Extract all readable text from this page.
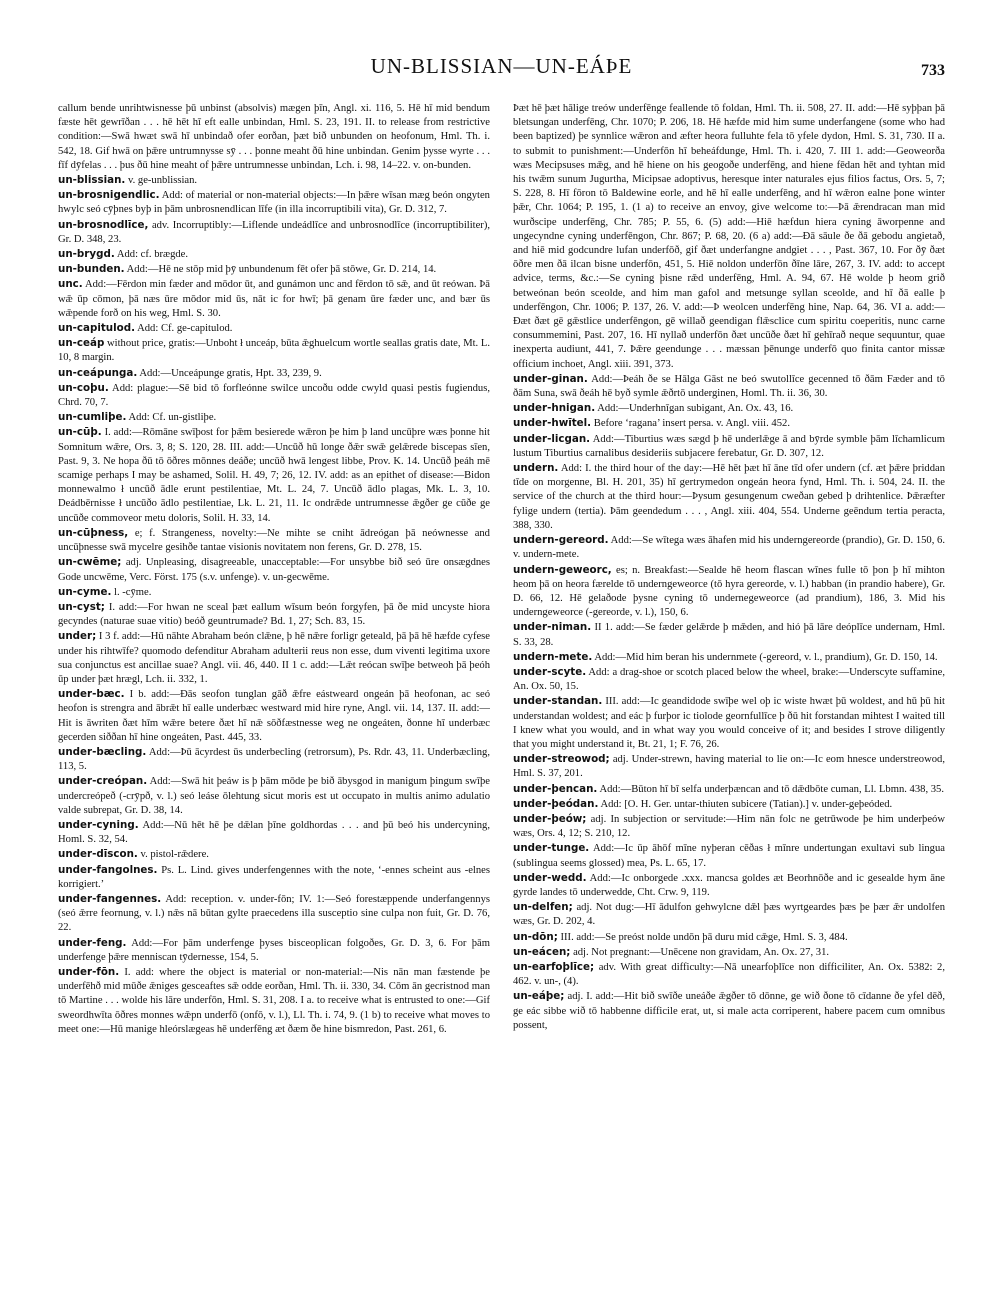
UN-BLISSIAN—UN-EÁÞE	733

callum bende unrihtwisnesse þū unbinst (absolvis) mægen þīn, Angl. xi. 116, 5. Hē hī mid bendum fæste hēt gewrīðan . . . hē hēt hī eft ealle unbindan, Hml. S. 23, 191. II. to release from restrictive condition:—Swā hwæt swā hī unbindað ofer eorðan, þæt bið unbunden on heofonum, Hml. Th. i. 542, 18. Gif hwā on þǣre untrumnysse sȳ . . . þonne meaht ðū hine unbindan. Genim þysse wyrte . . . fīf dȳfelas . . . þus ðū hine meaht of þǣre untrumnesse unbindan, Lch. i. 98, 14–22. v. on-bunden.

un-blissian. v. ge-unblissian.

un-brosnigendlic. Add: of material or non-material objects:—In þǣre wīsan mæg beón ongyten hwylc seó cȳþnes byþ in þām unbrosnendlican līfe (in illa incorruptibili vita), Gr. D. 312, 7.

un-brosnodlīce, adv. Incorruptibly:—Liflende undeádlīce and unbrosnodlīce (incorruptibiliter), Gr. D. 348, 23.

un-brygd. Add: cf. brægde.

un-bunden. Add:—Hē ne stōp mid þȳ unbundenum fēt ofer þā stōwe, Gr. D. 214, 14.

unc. Add:—Fērdon min fæder and mōdor ūt, and gunámon unc and fērdon tō sǣ, and ūt reówan. Þā wǣ ūp cōmon, þā næs ūre mōdor mid ūs, nāt ic for hwī; þā genam ūre fæder unc, and bær ūs wǣpende forð on his weg, Hml. S. 30.

un-capitulod. Add: Cf. ge-capitulod.

un-ceáp without price, gratis:—Unboht ł unceáp, būta ǣghuelcum wortle seallas gratis date, Mt. L. 10, 8 margin.

un-ceápunga. Add:—Unceápunge gratis, Hpt. 33, 239, 9.

un-coþu. Add: plague:—Sē bid tō forfleónne swilce uncoðu odde cwyld quasi pestis fugiendus, Chrd. 70, 7.

un-cumliþe. Add: Cf. un-gistliþe.

un-cūþ. I. add:—Rōmāne swīþost for þǣm besierede wǣron þe him þ land uncūþre wæs þonne hit Somnitum wǣre, Ors. 3, 8; S. 120, 28. III. add:—Uncūð hū longe ðǣr swǣ gelǣrede biscepas sīen, Past. 9, 3. Ne hopa ðū tō ōðres mōnnes deáðe; uncūð hwā lengest libbe, Prov. K. 14. Uncūð þeáh mē scamige perhaps I may be ashamed, Solil. H. 49, 7; 26, 12. IV. add: as an epithet of disease:—Bidon monnewalmo ł uncūð ādle erunt pestilentiae, Mt. L. 24, 7. Uncūð ādlo plagas, Mk. L. 3, 10. Deádbērnisse ł uncūðo ādlo pestilentiae, Lk. L. 21, 11. Ic ondrǣde untrumnesse ǣgðer ge cūðe ge uncūðe commoveor metu doloris, Solil. H. 33, 14.

un-cūþness, e; f. Strangeness, novelty:—Ne mihte se cniht ādreógan þā neównesse and uncūþnesse swā mycelre gesihðe tantae visionis novitatem non ferens, Gr. D. 278, 15.

un-cwēme; adj. Unpleasing, disagreeable, unacceptable:—For unsybbe bið seó ūre onsægdnes Gode uncwēme, Verc. Först. 175 (s.v. unfenge). v. un-gecwēme.

un-cyme. l. -cȳme.

un-cyst; I. add:—For hwan ne sceal þæt eallum wīsum beón forgyfen, þā ðe mid uncyste hiora gecyndes (naturae suae vitio) beóð geuntrumade? Bd. 1, 27; Sch. 83, 15.

under; I 3 f. add:—Hū nāhte Abraham beón clǣne, þ hē nǣre forligr geteald, þā þā hē hæfde cyfese under his rihtwīfe? quomodo defenditur Abraham adulterii reus non esse, dum viventi legitima uxore sua conjunctus est ancillae suae? Angl. vii. 46, 440. II 1 c. add:—Lǣt reócan swīþe betweoh þā þeóh ūp under þæt hrægl, Lch. ii. 332, 1.

under-bæc. I b. add:—Ðās seofon tunglan gāð ǣfre eástweard ongeán þā heofonan, ac seó heofon is strengra and ābrǣt hī ealle underbæc westward mid hire ryne, Angl. vii. 14, 137. II. add:—Hit is āwriten ðæt hīm wǣre betere ðæt hī nǣ sōðfæstnesse weg ne ongeáten, ðonne hī underbæc gecerden siððan hī hine ongeáten, Past. 445, 33.

under-bæcling. Add:—Þū ācyrdest ūs underbecling (retrorsum), Ps. Rdr. 43, 11. Underbæcling, 113, 5.

under-creópan. Add:—Swā hit þeáw is þ þām mōde þe bið ābysgod in manigum þingum swīþe undercreópeð (-crȳpð, v. l.) seó leáse ōlehtung sicut moris est ut occupato in multis animo adulatio valde subrepat, Gr. D. 38, 14.

under-cyning. Add:—Nū hēt hē þe dǣlan þīne goldhordas . . . and þū beó his undercyning, Homl. S. 32, 54.

under-dīscon. v. pistol-rǣdere.

under-fangolnes. Ps. L. Lind. gives underfengennes with the note, ‘-ennes scheint aus -elnes korrigiert.’

under-fangennes. Add: reception. v. under-fōn; IV. 1:—Seó forestæppende underfangennys (seó ǣrre feornung, v. l.) nǣs nā būtan gylte praecedens illa susceptio sine culpa non fuit, Gr. D. 76, 22.

under-feng. Add:—For þām underfenge þyses bisceoplican folgoðes, Gr. D. 3, 6. For þām underfenge þǣre menniscan tȳdernesse, 154, 5.

under-fōn. I. add: where the object is material or non-material:—Nis nān man fæstende þe underfēhð mid mūðe ǣniges gesceaftes sǣ odde eorðan, Hml. Th. ii. 330, 34. Cōm ān gecristnod man tō Martine . . . wolde his lāre underfōn, Hml. S. 31, 208. I a. to receive what is entrusted to one:—Gif sweordhwīta ōðres monnes wǣpn underfō (onfō, v. l.), Ll. Th. i. 74, 9. (1 b) to receive what moves to meet one:—Hū manige hleórslægeas hē underfēng æt ðæm ðe hine bismredon, Past. 261, 6.

Þæt hē þæt hālige treów underfēnge feallende tō foldan, Hml. Th. ii. 508, 27. II. add:—Hē syþþan þā bletsungan underfēng, Chr. 1070; P. 206, 18. Hē hæfde mid him sume underfangene (some who had been baptized) þe synnlice wǣron and æfter heora fulluhte fela tō yfele dydon, Hml. S. 31, 730. II a. to submit to punishment:—Underfōn hī beheáfdunge, Hml. Th. i. 420, 7. III 1. add:—Geoweorða wæs Mecipsuses mǣg, and hē hiene on his geogoðe underfēng, and hiene fēdan hēt and tyhtan mid his twǣm sunum Jugurtha, Micipsae adoptivus, heresque inter naturales ejus filios factus, Ors. 5, 7; S. 228, 8. Hī fōron tō Baldewine eorle, and hē hī ealle underfēng, and hī wǣron ealne þone winter þǣr, Chr. 1064; P. 195, 1. (1 a) to receive an envoy, give welcome to:—Þā ǣrendracan man mid wurðscipe underfēng, Chr. 785; P. 55, 6. (5) add:—Hiē hæfdun hiera cyning āworpenne and ungecyndne cyning underfēngon, Chr. 867; P. 68, 20. (6 a) add:—Ðā sāule ðe ðā gebodu angietað, and hiē mid godcundre lufan underfōð, gif ðæt underfangne andgiet . . . , Past. 367, 10. For ðȳ ðæt ōðre men ðā ilcan bisne underfōn, 451, 5. Hiē noldon underfōn ðīne lāre, 267, 3. IV. add: to accept advice, terms, &c.:—Se cyning þisne rǣd underfēng, Hml. A. 94, 67. Hē wolde þ heom grið betweónan beón sceolde, and him man gafol and metsunge syllan sceolde, and hī ðā ealle þ underfēngon, Chr. 1006; P. 137, 26. V. add:—Þ weolcen underfēng hine, Nap. 64, 36. VI a. add:—Ðæt ðæt gē gǣstlice underfēngon, gē willað geendigan flǣsclice cum spiritu coeperitis, nunc carne consummemini, Past. 207, 16. Hī nyllað underfōn ðæt uncūðe ðæt hī gehīrað neque sequuntur, quae inexperta audiunt, 441, 7. Þǣre geendunge . . . mæssan þēnunge underfō quo finita cantor missæ officium inchoet, Angl. xiii. 391, 373.

under-ginan. Add:—Þeáh ðe se Hālga Gāst ne beó swutollīce gecenned tō ðām Fæder and tō ðām Suna, swā ðeáh hē byð symle ǣðrtō underginen, Homl. Th. ii. 36, 30.

under-hnigan. Add:—Underhnīgan subigant, An. Ox. 43, 16.

under-hwītel. Before ‘ragana’ insert persa. v. Angl. viii. 452.

under-licgan. Add:—Tiburtius wæs sægd þ hē underlǣge ā and bȳrde symble þām līchamlicum lustum Tiburtius carnalibus desideriis subjacere ferebatur, Gr. D. 307, 12.

undern. Add: I. the third hour of the day:—Hē hēt þæt hī āne tīd ofer undern (cf. æt þǣre þriddan tīde on morgenne, Bl. H. 201, 35) hī gertrymedon ongeán heora fynd, Hml. Th. i. 504, 24. II. the service of the church at the third hour:—Þysum gesungenum cweðan gebed þ drihtenlice. Þǣræfter fylige undern (tertia). Þām geendedum . . . , Angl. xiii. 404, 554. Underne geēndum tertia peracta, 388, 330.

undern-gereord. Add:—Se wītega wæs āhafen mid his underngereorde (prandio), Gr. D. 150, 6. v. undern-mete.

undern-geweorc, es; n. Breakfast:—Sealde hē heom flascan wīnes fulle tō þon þ hī mihton heom þā on heora færelde tō underngeweorce (tō hyra gereorde, v. l.) habban (in prandio habere), Gr. D. 66, 12. Hē gelaðode þysne cyning tō undernegeweorce (ad prandium), 186, 3. Mid his underngeweorce (-gereorde, v. l.), 150, 6.

under-niman. II 1. add:—Se fæder gelǣrde þ mǣden, and hió þā lāre deóplīce undernam, Hml. S. 33, 28.

undern-mete. Add:—Mid him beran his undernmete (-gereord, v. l., prandium), Gr. D. 150, 14.

under-scyte. Add: a drag-shoe or scotch placed below the wheel, brake:—Underscyte suffamine, An. Ox. 50, 15.

under-standan. III. add:—Ic geandidode swīþe wel oþ ic wiste hwæt þū woldest, and hū þū hit understandan woldest; and eác þ furþor ic tiolode geornfullīce þ ðū hit forstandan mihtest I waited till I knew what you would, and in what way you would conceive of it; and besides I strove diligently that you might understand it, Bt. 21, 1; F. 76, 26.

under-streowod; adj. Under-strewn, having material to lie on:—Ic eom hnesce understreowod, Hml. S. 37, 201.

under-þencan. Add:—Būton hī bī selfa underþæncan and tō dǣdbōte cuman, Ll. Lbmn. 438, 35.

under-þeódan. Add: [O. H. Ger. untar-thiuten subicere (Tatian).] v. under-geþeóded.

under-þeów; adj. In subjection or servitude:—Him nān folc ne getrūwode þe him underþeów wæs, Ors. 4, 12; S. 210, 12.

under-tunge. Add:—Ic ūp āhōf mīne nyþeran cēðas ł mīnre undertungan exultavi sub lingua (sublingua seems glossed) mea, Ps. L. 65, 17.

under-wedd. Add:—Ic onborgede .xxx. mancsa goldes æt Beorhnōðe and ic gesealde hym āne gyrde landes tō underwedde, Cht. Crw. 9, 119.

un-delfen; adj. Not dug:—Hī ādulfon gehwylcne dǣl þæs wyrtgeardes þæs þe þær ǣr undolfen wæs, Gr. D. 202, 4.

un-dōn; III. add:—Se preóst nolde undōn þā duru mid cǣge, Hml. S. 3, 484.

un-eácen; adj. Not pregnant:—Unēcene non gravidam, An. Ox. 27, 31.

un-earfoþlīce; adv. With great difficulty:—Nā unearfoþlīce non difficiliter, An. Ox. 5382: 2, 462. v. un-, (4).

un-eáþe; adj. I. add:—Hit bið swīðe uneáðe ǣgðer tō dōnne, ge wið ðone tō cīdanne ðe yfel dēð, ge eác sibbe wið tō habbenne difficile erat, ut, si male acta corriperent, habere pacem cum omnibus possent,
